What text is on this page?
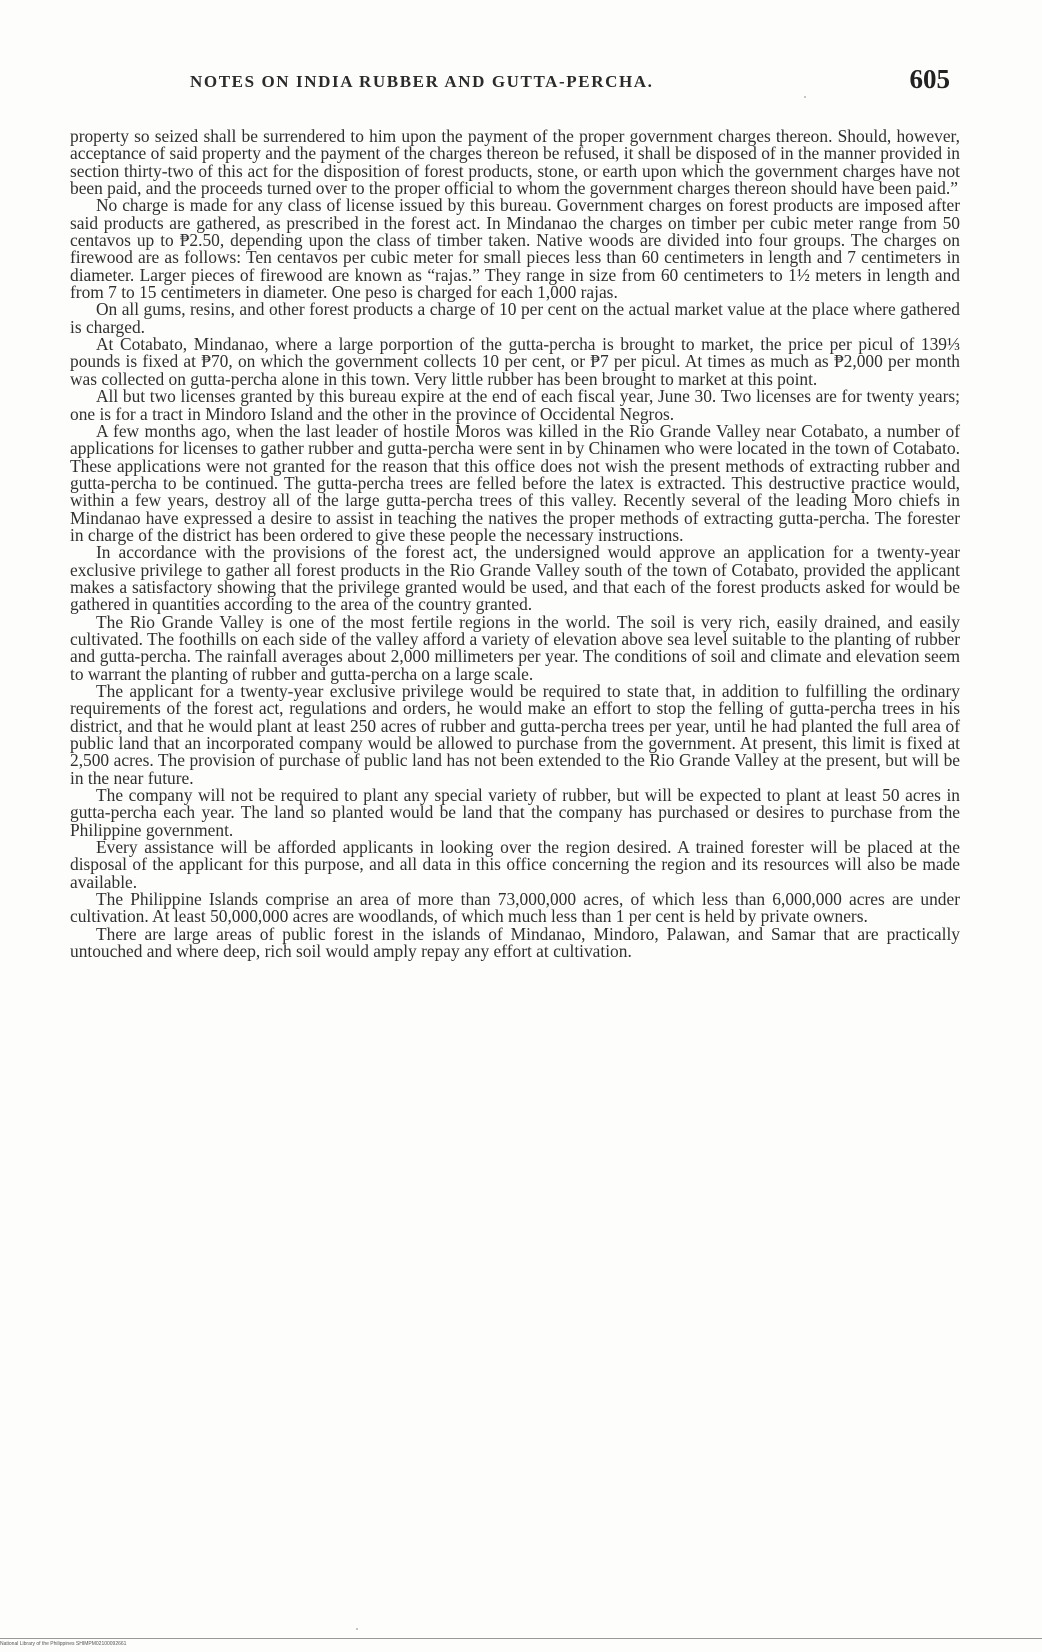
NOTES ON INDIA RUBBER AND GUTTA-PERCHA.	605

property so seized shall be surrendered to him upon the payment of the proper government charges thereon. Should, however, acceptance of said property and the payment of the charges thereon be refused, it shall be disposed of in the manner provided in section thirty-two of this act for the disposition of forest products, stone, or earth upon which the government charges have not been paid, and the proceeds turned over to the proper official to whom the government charges thereon should have been paid.”

No charge is made for any class of license issued by this bureau. Government charges on forest products are imposed after said products are gathered, as prescribed in the forest act. In Mindanao the charges on timber per cubic meter range from 50 centavos up to ₱2.50, depending upon the class of timber taken. Native woods are divided into four groups. The charges on firewood are as follows: Ten centavos per cubic meter for small pieces less than 60 centimeters in length and 7 centimeters in diameter. Larger pieces of firewood are known as “rajas.” They range in size from 60 centimeters to 1½ meters in length and from 7 to 15 centimeters in diameter. One peso is charged for each 1,000 rajas.

On all gums, resins, and other forest products a charge of 10 per cent on the actual market value at the place where gathered is charged.

At Cotabato, Mindanao, where a large porportion of the gutta-percha is brought to market, the price per picul of 139⅓ pounds is fixed at ₱70, on which the government collects 10 per cent, or ₱7 per picul. At times as much as ₱2,000 per month was collected on gutta-percha alone in this town. Very little rubber has been brought to market at this point.

All but two licenses granted by this bureau expire at the end of each fiscal year, June 30. Two licenses are for twenty years; one is for a tract in Mindoro Island and the other in the province of Occidental Negros.

A few months ago, when the last leader of hostile Moros was killed in the Rio Grande Valley near Cotabato, a number of applications for licenses to gather rubber and gutta-percha were sent in by Chinamen who were located in the town of Cotabato. These applications were not granted for the reason that this office does not wish the present methods of extracting rubber and gutta-percha to be continued. The gutta-percha trees are felled before the latex is extracted. This destructive practice would, within a few years, destroy all of the large gutta-percha trees of this valley. Recently several of the leading Moro chiefs in Mindanao have expressed a desire to assist in teaching the natives the proper methods of extracting gutta-percha. The forester in charge of the district has been ordered to give these people the necessary instructions.

In accordance with the provisions of the forest act, the undersigned would approve an application for a twenty-year exclusive privilege to gather all forest products in the Rio Grande Valley south of the town of Cotabato, provided the applicant makes a satisfactory showing that the privilege granted would be used, and that each of the forest products asked for would be gathered in quantities according to the area of the country granted.

The Rio Grande Valley is one of the most fertile regions in the world. The soil is very rich, easily drained, and easily cultivated. The foothills on each side of the valley afford a variety of elevation above sea level suitable to the planting of rubber and gutta-percha. The rainfall averages about 2,000 millimeters per year. The conditions of soil and climate and elevation seem to warrant the planting of rubber and gutta-percha on a large scale.

The applicant for a twenty-year exclusive privilege would be required to state that, in addition to fulfilling the ordinary requirements of the forest act, regulations and orders, he would make an effort to stop the felling of gutta-percha trees in his district, and that he would plant at least 250 acres of rubber and gutta-percha trees per year, until he had planted the full area of public land that an incorporated company would be allowed to purchase from the government. At present, this limit is fixed at 2,500 acres. The provision of purchase of public land has not been extended to the Rio Grande Valley at the present, but will be in the near future.

The company will not be required to plant any special variety of rubber, but will be expected to plant at least 50 acres in gutta-percha each year. The land so planted would be land that the company has purchased or desires to purchase from the Philippine government.

Every assistance will be afforded applicants in looking over the region desired. A trained forester will be placed at the disposal of the applicant for this purpose, and all data in this office concerning the region and its resources will also be made available.

The Philippine Islands comprise an area of more than 73,000,000 acres, of which less than 6,000,000 acres are under cultivation. At least 50,000,000 acres are woodlands, of which much less than 1 per cent is held by private owners.

There are large areas of public forest in the islands of Mindanao, Mindoro, Palawan, and Samar that are practically untouched and where deep, rich soil would amply repay any effort at cultivation.

National Library of the Philippines SHIMPM02100092661
